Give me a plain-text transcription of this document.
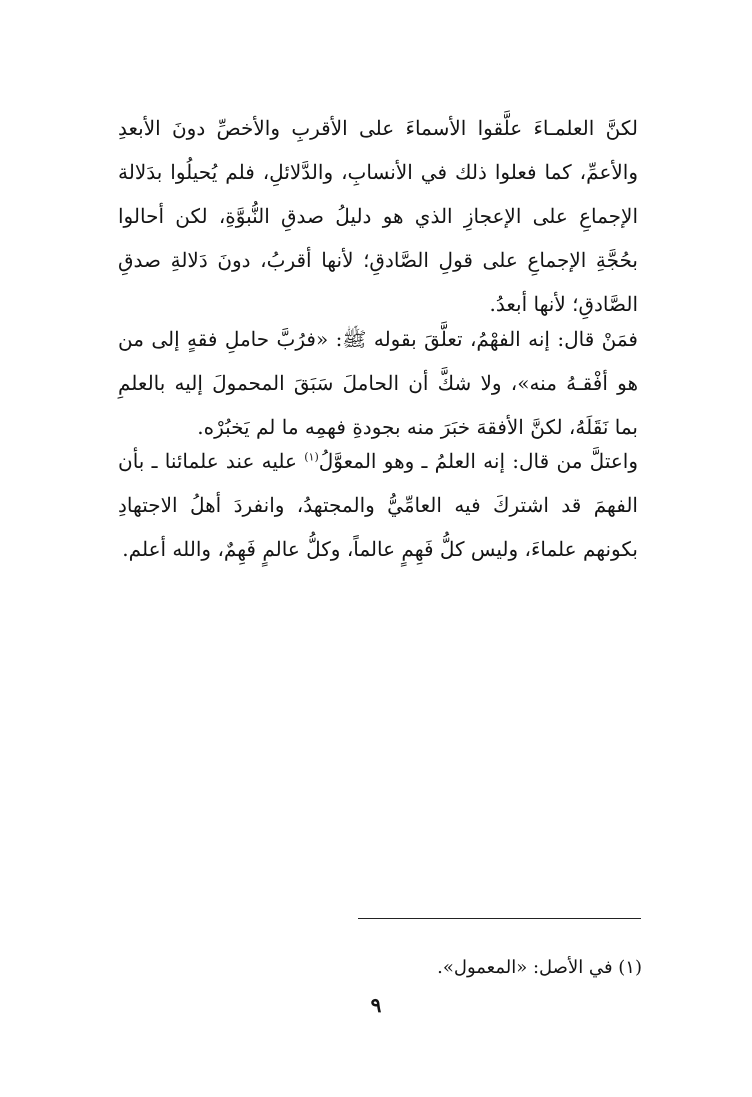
لكنَّ العلمـاءَ علَّقوا الأسماءَ على الأقربِ والأخصِّ دونَ الأبعدِ والأعمِّ، كما فعلوا ذلك في الأنسابِ، والدَّلائلِ، فلم يُحيلُوا بدَلالة الإجماعِ على الإعجازِ الذي هو دليلُ صدقِ النُّبوَّةِ، لكن أحالوا بحُجَّةِ الإجماعِ على قولِ الصَّادقِ؛ لأنها أقربُ، دونَ دَلالةِ صدقِ الصَّادقِ؛ لأنها أبعدُ.

فمَنْ قال: إنه الفهْمُ، تعلَّقَ بقوله ﷺ: «فرُبَّ حاملِ فقهٍ إلى من هو أفْقـهُ منه»، ولا شكَّ أن الحاملَ سَبَقَ المحمولَ إليه بالعلمِ بما نَقَلَهُ، لكنَّ الأفقهَ خبَرَ منه بجودةِ فهمِه ما لم يَخبُرْه.

واعتلَّ من قال: إنه العلمُ ـ وهو المعوَّلُ$^{(١)}$ عليه عند علمائنا ـ بأن الفهمَ قد اشتركَ فيه العامِّيُّ والمجتهدُ، وانفردَ أهلُ الاجتهادِ بكونهم علماءَ، وليس كلُّ فَهِمٍ عالماً، وكلُّ عالمٍ فَهِمٌ، والله أعلم.

(١) في الأصل: «المعمول».

٩
